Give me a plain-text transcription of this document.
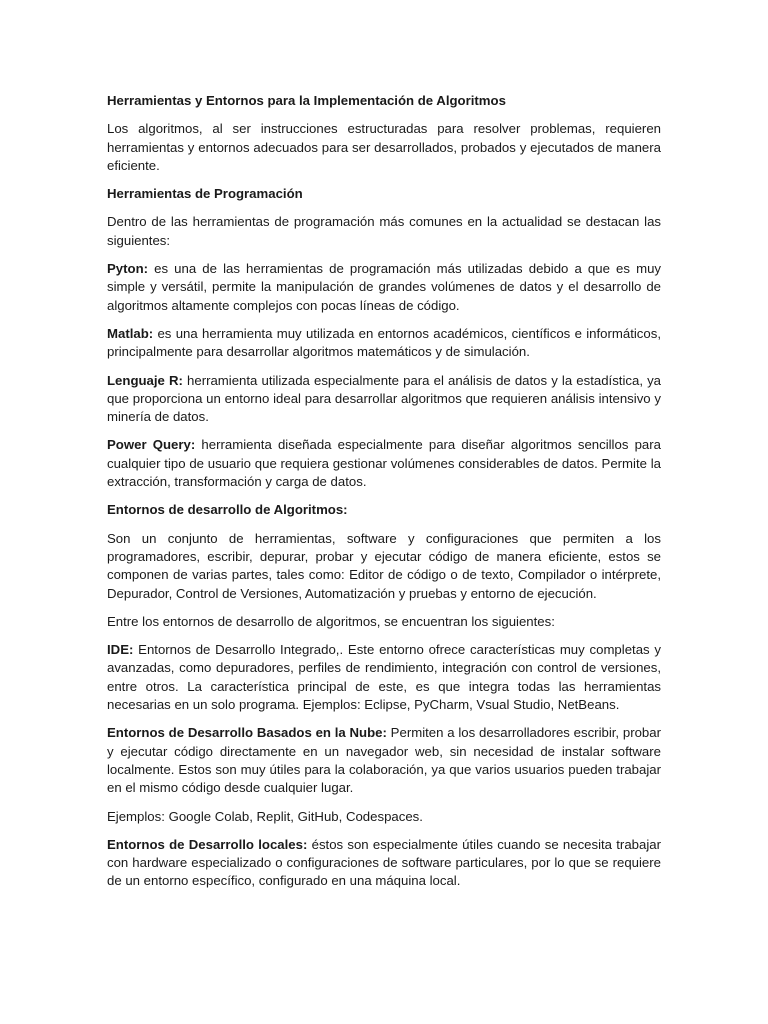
Herramientas y Entornos para la Implementación de Algoritmos

Los algoritmos, al ser instrucciones estructuradas para resolver problemas, requieren herramientas y entornos adecuados para ser desarrollados, probados y ejecutados de manera eficiente.

Herramientas de Programación

Dentro de las herramientas de programación más comunes en la actualidad se destacan las siguientes:

Pyton: es una de las herramientas de programación más utilizadas debido a que es muy simple y versátil, permite la manipulación de grandes volúmenes de datos y el desarrollo de algoritmos altamente complejos con pocas líneas de código.

Matlab: es una herramienta muy utilizada en entornos académicos, científicos e informáticos, principalmente para desarrollar algoritmos matemáticos y de simulación.

Lenguaje R: herramienta utilizada especialmente para el análisis de datos y la estadística, ya que proporciona un entorno ideal para desarrollar algoritmos que requieren análisis intensivo y minería de datos.

Power Query: herramienta diseñada especialmente para diseñar algoritmos sencillos para cualquier tipo de usuario que requiera gestionar volúmenes considerables de datos. Permite la extracción, transformación y carga de datos.

Entornos de desarrollo de Algoritmos:

Son un conjunto de herramientas, software y configuraciones que permiten a los programadores, escribir, depurar, probar y ejecutar código de manera eficiente, estos se componen de varias partes, tales como: Editor de código o de texto, Compilador o intérprete, Depurador, Control de Versiones, Automatización y pruebas y entorno de ejecución.

Entre los entornos de desarrollo de algoritmos, se encuentran los siguientes:

IDE: Entornos de Desarrollo Integrado,. Este entorno ofrece características muy completas y avanzadas, como depuradores, perfiles de rendimiento, integración con control de versiones, entre otros. La característica principal de este, es que integra todas las herramientas necesarias en un solo programa. Ejemplos: Eclipse, PyCharm, Vsual Studio, NetBeans.

Entornos de Desarrollo Basados en la Nube: Permiten a los desarrolladores escribir, probar y ejecutar código directamente en un navegador web, sin necesidad de instalar software localmente. Estos son muy útiles para la colaboración, ya que varios usuarios pueden trabajar en el mismo código desde cualquier lugar.

Ejemplos: Google Colab, Replit, GitHub, Codespaces.

Entornos de Desarrollo locales: éstos son especialmente útiles cuando se necesita trabajar con hardware especializado o configuraciones de software particulares, por lo que se requiere de un entorno específico, configurado en una máquina local.
